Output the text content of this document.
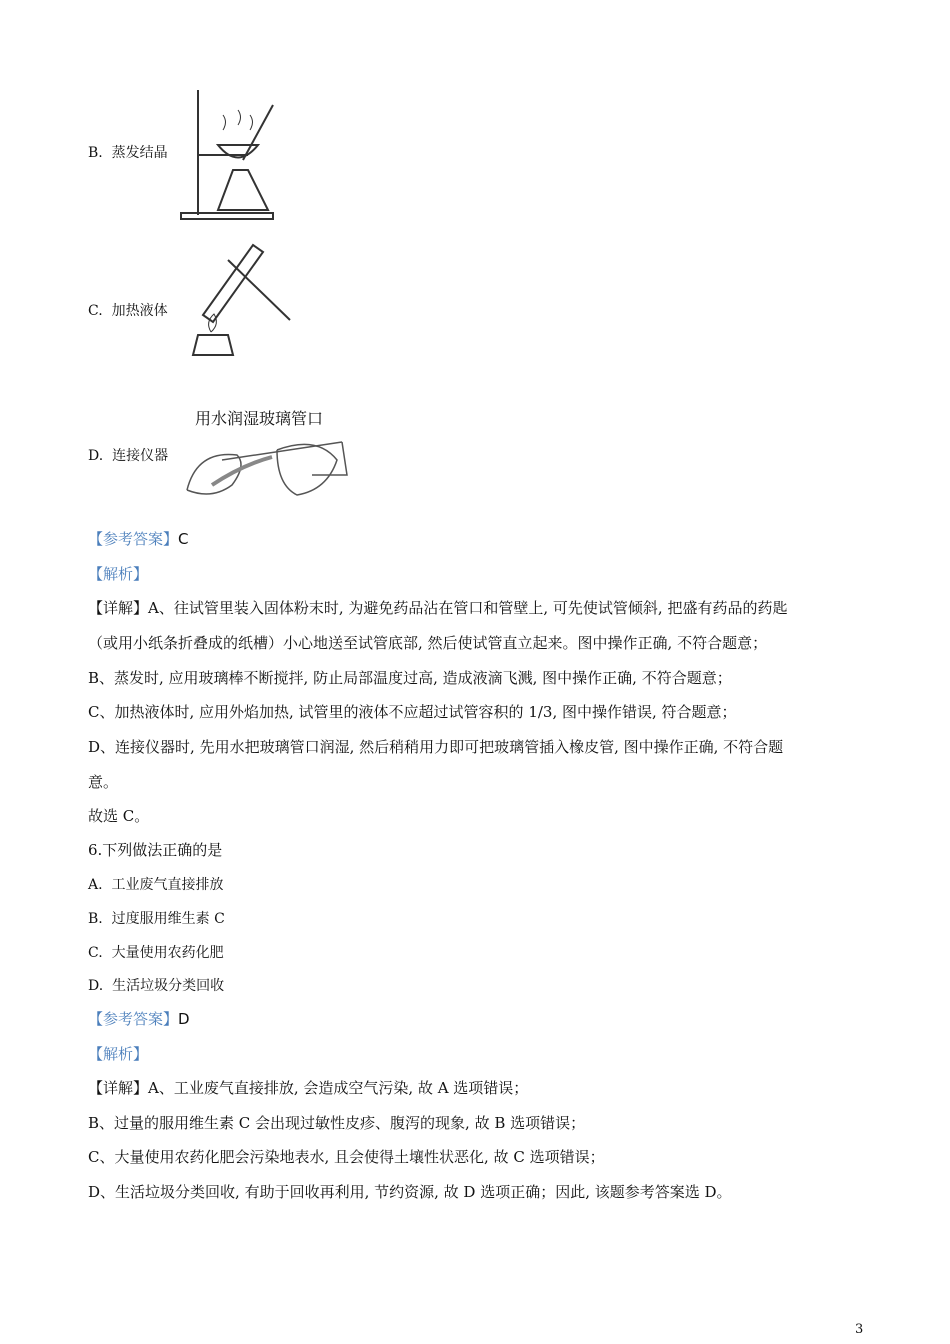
B. 蒸发结晶
C. 加热液体
用水润湿玻璃管口
D. 连接仪器
【参考答案】C
【解析】
【详解】A、往试管里装入固体粉末时, 为避免药品沾在管口和管壁上, 可先使试管倾斜, 把盛有药品的药匙
（或用小纸条折叠成的纸槽）小心地送至试管底部, 然后使试管直立起来。图中操作正确, 不符合题意；
B、蒸发时, 应用玻璃棒不断搅拌, 防止局部温度过高, 造成液滴飞溅, 图中操作正确, 不符合题意；
C、加热液体时, 应用外焰加热, 试管里的液体不应超过试管容积的 1/3, 图中操作错误, 符合题意；
D、连接仪器时, 先用水把玻璃管口润湿, 然后稍稍用力即可把玻璃管插入橡皮管, 图中操作正确, 不符合题
意。
故选 C。
6.下列做法正确的是
A. 工业废气直接排放
B. 过度服用维生素 C
C. 大量使用农药化肥
D. 生活垃圾分类回收
【参考答案】D
【解析】
【详解】A、工业废气直接排放, 会造成空气污染, 故 A 选项错误；
B、过量的服用维生素 C 会出现过敏性皮疹、腹泻的现象, 故 B 选项错误；
C、大量使用农药化肥会污染地表水, 且会使得土壤性状恶化, 故 C 选项错误；
D、生活垃圾分类回收, 有助于回收再利用, 节约资源, 故 D 选项正确；因此, 该题参考答案选 D。
3
